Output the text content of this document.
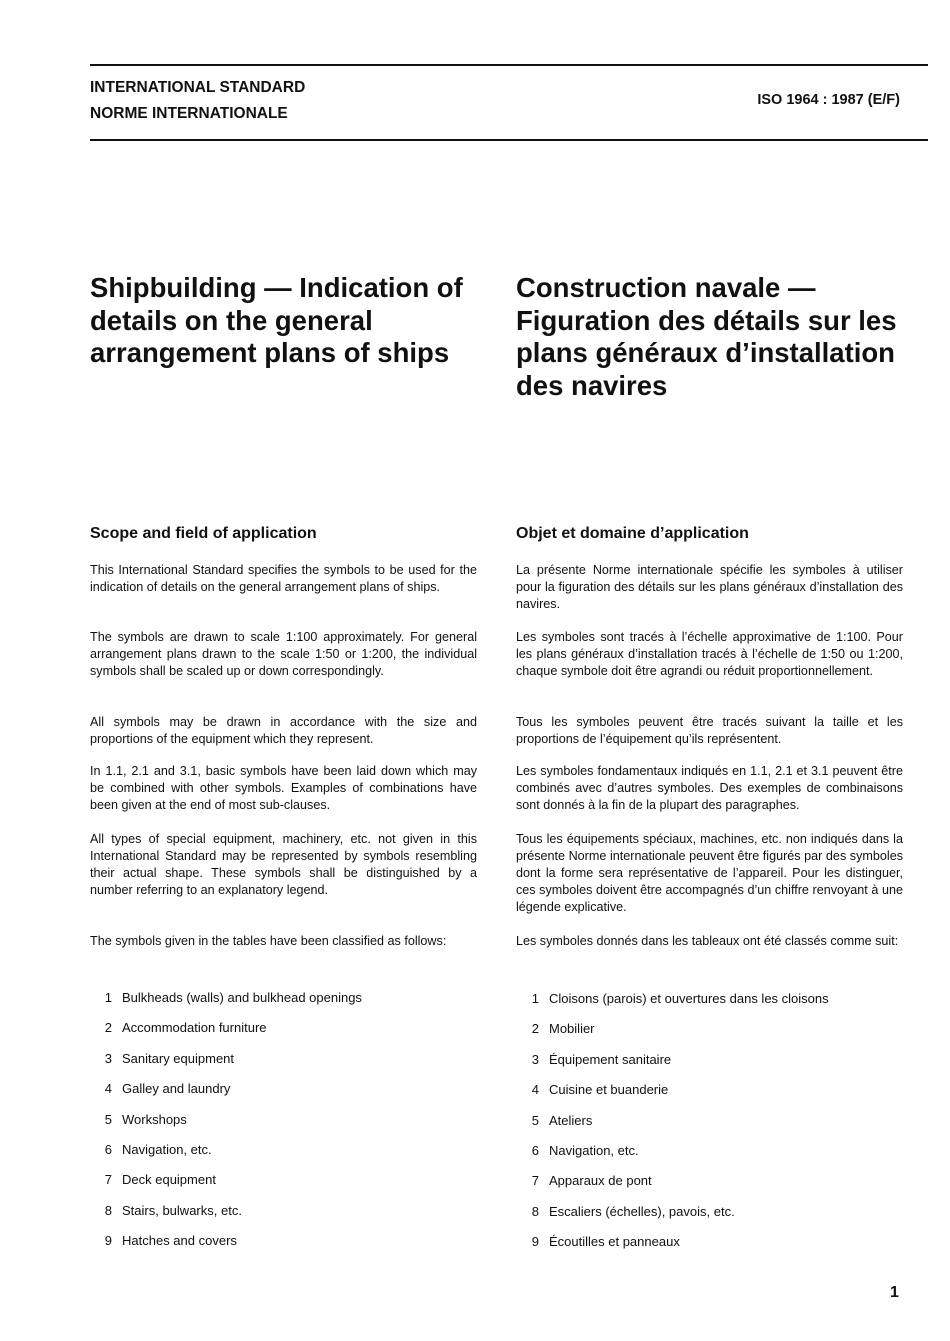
INTERNATIONAL STANDARD
NORME INTERNATIONALE
ISO 1964 : 1987 (E/F)
Shipbuilding — Indication of details on the general arrangement plans of ships
Construction navale — Figuration des détails sur les plans généraux d’installation des navires
Scope and field of application	Objet et domaine d’application

This International Standard specifies the symbols to be used for the indication of details on the general arrangement plans of ships.

The symbols are drawn to scale 1:100 approximately. For general arrangement plans drawn to the scale 1:50 or 1:200, the individual symbols shall be scaled up or down correspondingly.

All symbols may be drawn in accordance with the size and proportions of the equipment which they represent.

In 1.1, 2.1 and 3.1, basic symbols have been laid down which may be combined with other symbols. Examples of combinations have been given at the end of most sub-clauses.

All types of special equipment, machinery, etc. not given in this International Standard may be represented by symbols resembling their actual shape. These symbols shall be distinguished by a number referring to an explanatory legend.

The symbols given in the tables have been classified as follows:

1 Bulkheads (walls) and bulkhead openings
2 Accommodation furniture
3 Sanitary equipment
4 Galley and laundry
5 Workshops
6 Navigation, etc.
7 Deck equipment
8 Stairs, bulwarks, etc.
9 Hatches and covers

La présente Norme internationale spécifie les symboles à utiliser pour la figuration des détails sur les plans généraux d’installation des navires.

Les symboles sont tracés à l’échelle approximative de 1:100. Pour les plans généraux d’installation tracés à l’échelle de 1:50 ou 1:200, chaque symbole doit être agrandi ou réduit proportionnellement.

Tous les symboles peuvent être tracés suivant la taille et les proportions de l’équipement qu’ils représentent.

Les symboles fondamentaux indiqués en 1.1, 2.1 et 3.1 peuvent être combinés avec d’autres symboles. Des exemples de combinaisons sont donnés à la fin de la plupart des paragraphes.

Tous les équipements spéciaux, machines, etc. non indiqués dans la présente Norme internationale peuvent être figurés par des symboles dont la forme sera représentative de l’appareil. Pour les distinguer, ces symboles doivent être accompagnés d’un chiffre renvoyant à une légende explicative.

Les symboles donnés dans les tableaux ont été classés comme suit:

1 Cloisons (parois) et ouvertures dans les cloisons
2 Mobilier
3 Équipement sanitaire
4 Cuisine et buanderie
5 Ateliers
6 Navigation, etc.
7 Apparaux de pont
8 Escaliers (échelles), pavois, etc.
9 Écoutilles et panneaux
1
